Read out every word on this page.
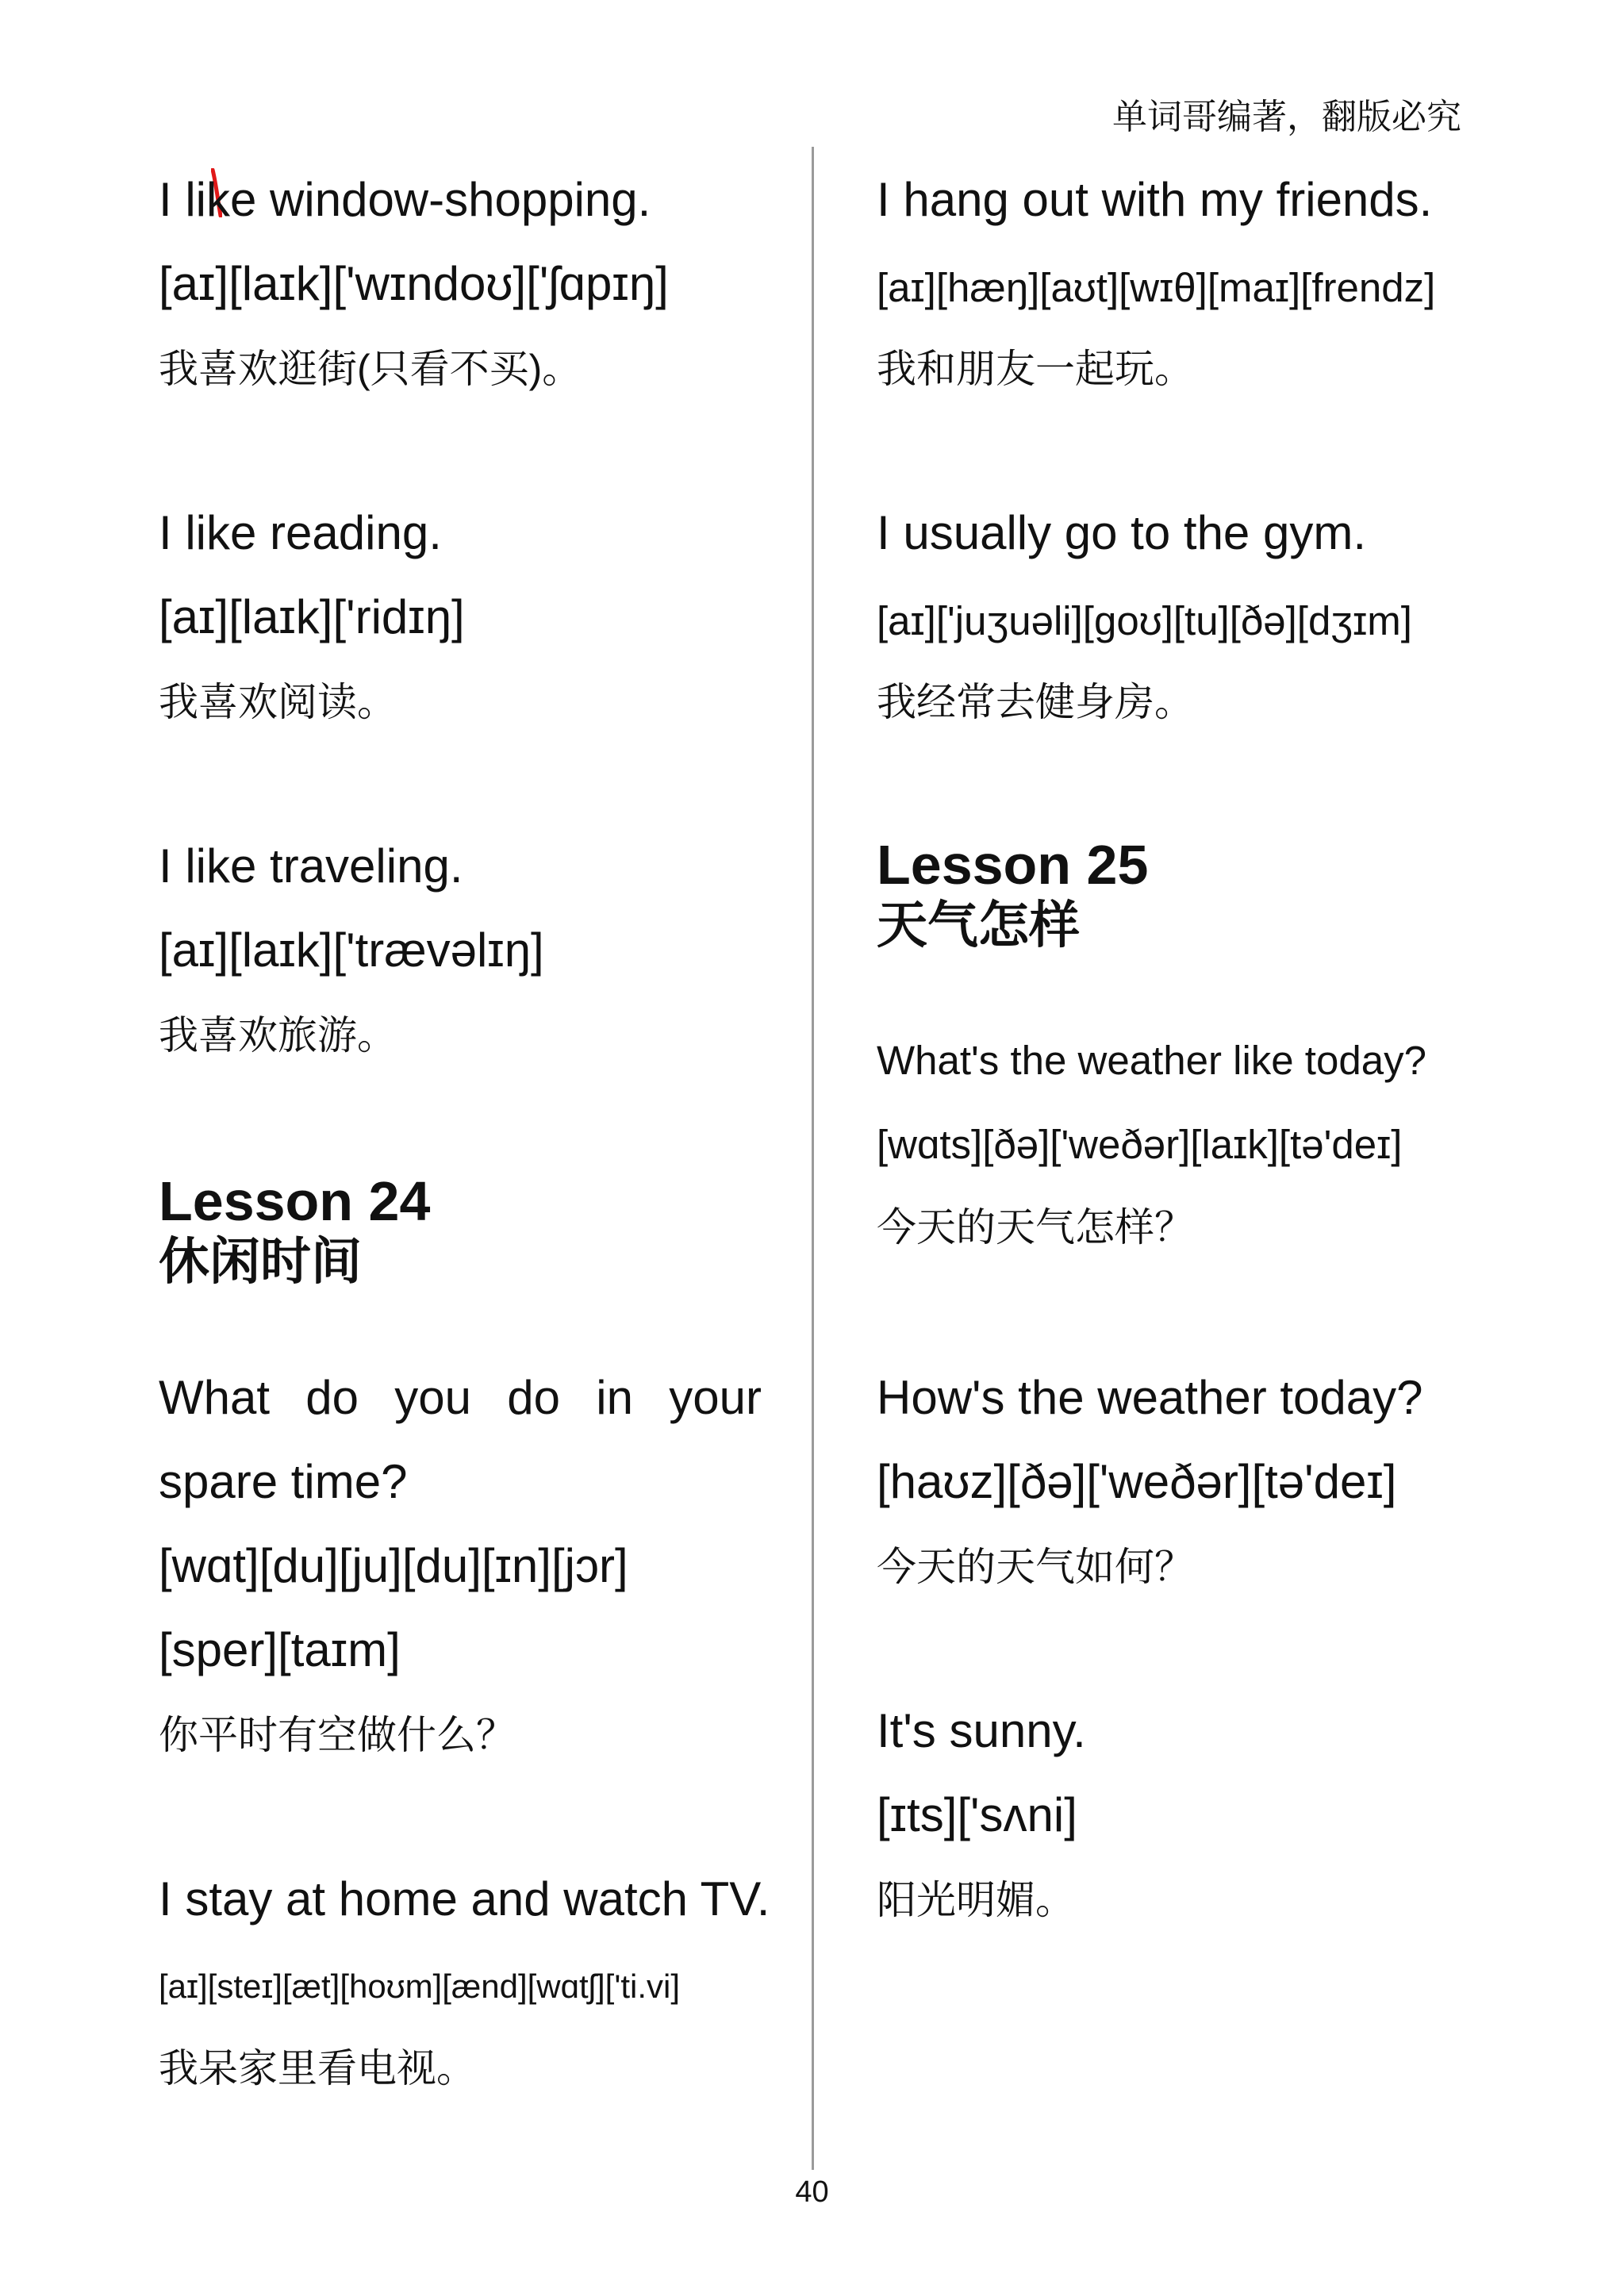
单词哥编著，翻版必究
I like window-shopping.
[aɪ][laɪk]['wɪndoʊ]['ʃɑpɪŋ]
我喜欢逛街(只看不买)。
I like reading.
[aɪ][laɪk]['ridɪŋ]
我喜欢阅读。
I like traveling.
[aɪ][laɪk]['trævəlɪŋ]
我喜欢旅游。
Lesson 24
休闲时间
What do you do in your
spare time?
[wɑt][du][ju][du][ɪn][jɔr]
[sper][taɪm]
你平时有空做什么？
I stay at home and watch TV.
[aɪ][steɪ][æt][hoʊm][ænd][wɑtʃ]['ti.vi]
我呆家里看电视。
I hang out with my friends.
[aɪ][hæŋ][aʊt][wɪθ][maɪ][frendz]
我和朋友一起玩。
I usually go to the gym.
[aɪ]['juʒuəli][goʊ][tu][ðə][dʒɪm]
我经常去健身房。
Lesson 25
天气怎样
What's the weather like today?
[wɑts][ðə]['weðər][laɪk][tə'deɪ]
今天的天气怎样？
How's the weather today?
[haʊz][ðə]['weðər][tə'deɪ]
今天的天气如何？
It's sunny.
[ɪts]['sʌni]
阳光明媚。
40
